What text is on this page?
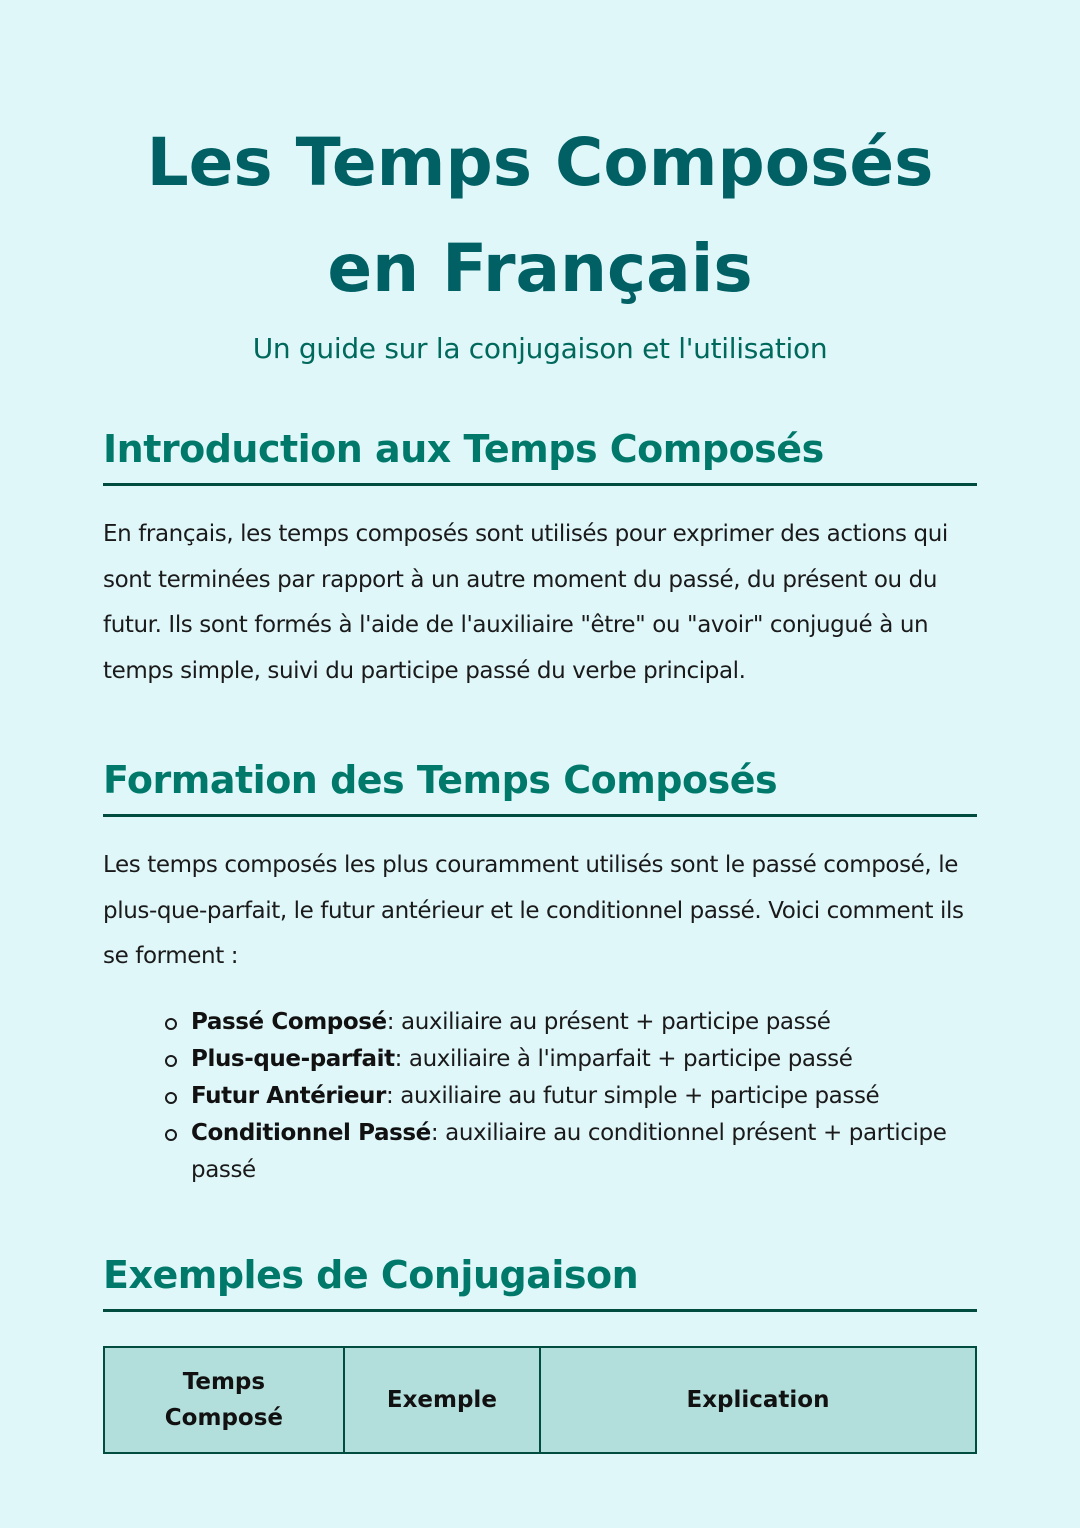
Les Temps Composés
en Français
Un guide sur la conjugaison et l'utilisation
Introduction aux Temps Composés

En français, les temps composés sont utilisés pour exprimer des actions qui sont terminées par rapport à un autre moment du passé, du présent ou du futur. Ils sont formés à l'aide de l'auxiliaire "être" ou "avoir" conjugué à un temps simple, suivi du participe passé du verbe principal.

Formation des Temps Composés

Les temps composés les plus couramment utilisés sont le passé composé, le plus-que-parfait, le futur antérieur et le conditionnel passé. Voici comment ils se forment :

Passé Composé: auxiliaire au présent + participe passé
Plus-que-parfait: auxiliaire à l'imparfait + participe passé
Futur Antérieur: auxiliaire au futur simple + participe passé
Conditionnel Passé: auxiliaire au conditionnel présent + participe passé
Exemples de Conjugaison
Temps Composé	Exemple	Explication
